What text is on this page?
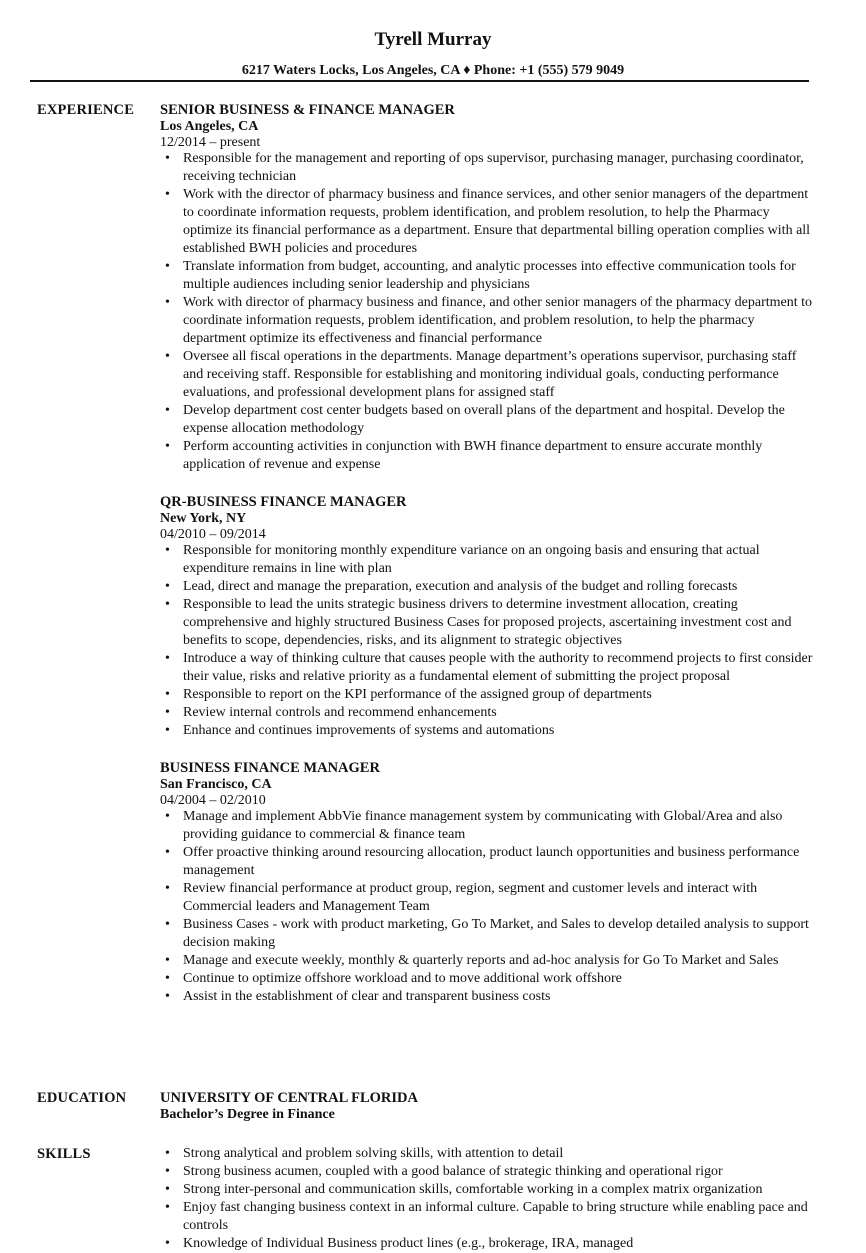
Tyrell Murray
6217 Waters Locks, Los Angeles, CA ♦ Phone: +1 (555) 579 9049
EXPERIENCE SENIOR BUSINESS & FINANCE MANAGER
Los Angeles, CA
12/2014 – present
• Responsible for the management and reporting of ops supervisor, purchasing manager, purchasing coordinator, receiving technician
• Work with the director of pharmacy business and finance services, and other senior managers of the department to coordinate information requests, problem identification, and problem resolution, to help the Pharmacy optimize its financial performance as a department. Ensure that departmental billing operation complies with all established BWH policies and procedures
• Translate information from budget, accounting, and analytic processes into effective communication tools for multiple audiences including senior leadership and physicians
• Work with director of pharmacy business and finance, and other senior managers of the pharmacy department to coordinate information requests, problem identification, and problem resolution, to help the pharmacy department optimize its effectiveness and financial performance
• Oversee all fiscal operations in the departments. Manage department’s operations supervisor, purchasing staff and receiving staff. Responsible for establishing and monitoring individual goals, conducting performance evaluations, and professional development plans for assigned staff
• Develop department cost center budgets based on overall plans of the department and hospital. Develop the expense allocation methodology
• Perform accounting activities in conjunction with BWH finance department to ensure accurate monthly application of revenue and expense
QR-BUSINESS FINANCE MANAGER
New York, NY
04/2010 – 09/2014
• Responsible for monitoring monthly expenditure variance on an ongoing basis and ensuring that actual expenditure remains in line with plan
• Lead, direct and manage the preparation, execution and analysis of the budget and rolling forecasts
• Responsible to lead the units strategic business drivers to determine investment allocation, creating comprehensive and highly structured Business Cases for proposed projects, ascertaining investment cost and benefits to scope, dependencies, risks, and its alignment to strategic objectives
• Introduce a way of thinking culture that causes people with the authority to recommend projects to first consider their value, risks and relative priority as a fundamental element of submitting the project proposal
• Responsible to report on the KPI performance of the assigned group of departments
• Review internal controls and recommend enhancements
• Enhance and continues improvements of systems and automations
BUSINESS FINANCE MANAGER
San Francisco, CA
04/2004 – 02/2010
• Manage and implement AbbVie finance management system by communicating with Global/Area and also providing guidance to commercial & finance team
• Offer proactive thinking around resourcing allocation, product launch opportunities and business performance management
• Review financial performance at product group, region, segment and customer levels and interact with Commercial leaders and Management Team
• Business Cases - work with product marketing, Go To Market, and Sales to develop detailed analysis to support decision making
• Manage and execute weekly, monthly & quarterly reports and ad-hoc analysis for Go To Market and Sales
• Continue to optimize offshore workload and to move additional work offshore
• Assist in the establishment of clear and transparent business costs
EDUCATION UNIVERSITY OF CENTRAL FLORIDA
Bachelor’s Degree in Finance
SKILLS
•	Strong analytical and problem solving skills, with attention to detail
• Strong business acumen, coupled with a good balance of strategic thinking and operational rigor
• Strong inter-personal and communication skills, comfortable working in a complex matrix organization
• Enjoy fast changing business context in an informal culture. Capable to bring structure while enabling pace and controls
• Knowledge of Individual Business product lines (e.g., brokerage, IRA, managed
